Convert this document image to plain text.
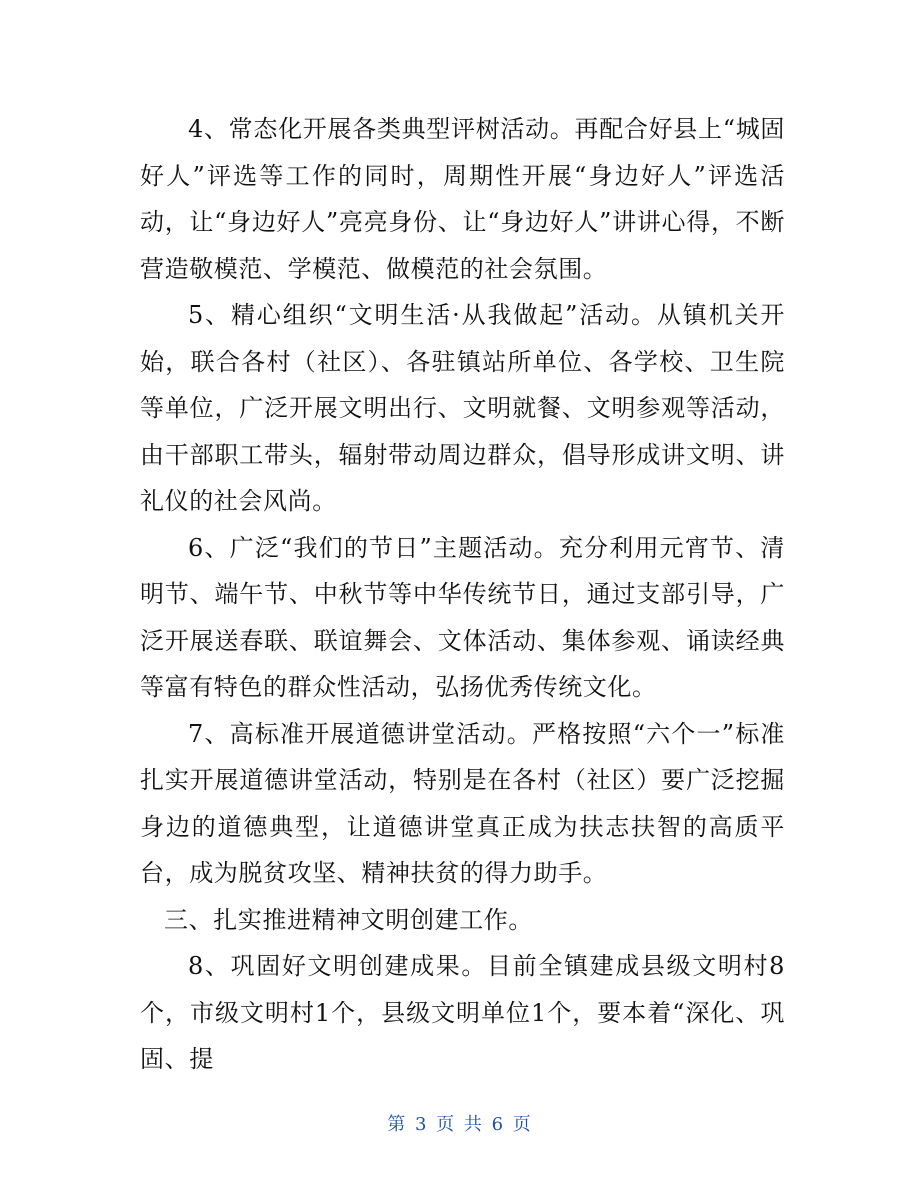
4、常态化开展各类典型评树活动。再配合好县上“城固好人”评选等工作的同时，周期性开展“身边好人”评选活动，让“身边好人”亮亮身份、让“身边好人”讲讲心得，不断营造敬模范、学模范、做模范的社会氛围。

5、精心组织“文明生活·从我做起”活动。从镇机关开始，联合各村（社区）、各驻镇站所单位、各学校、卫生院等单位，广泛开展文明出行、文明就餐、文明参观等活动，由干部职工带头，辐射带动周边群众，倡导形成讲文明、讲礼仪的社会风尚。

6、广泛“我们的节日”主题活动。充分利用元宵节、清明节、端午节、中秋节等中华传统节日，通过支部引导，广泛开展送春联、联谊舞会、文体活动、集体参观、诵读经典等富有特色的群众性活动，弘扬优秀传统文化。

7、高标准开展道德讲堂活动。严格按照“六个一”标准扎实开展道德讲堂活动，特别是在各村（社区）要广泛挖掘身边的道德典型，让道德讲堂真正成为扶志扶智的高质平台，成为脱贫攻坚、精神扶贫的得力助手。

三、扎实推进精神文明创建工作。

8、巩固好文明创建成果。目前全镇建成县级文明村8个，市级文明村1个，县级文明单位1个，要本着“深化、巩固、提

第 3 页 共 6 页
